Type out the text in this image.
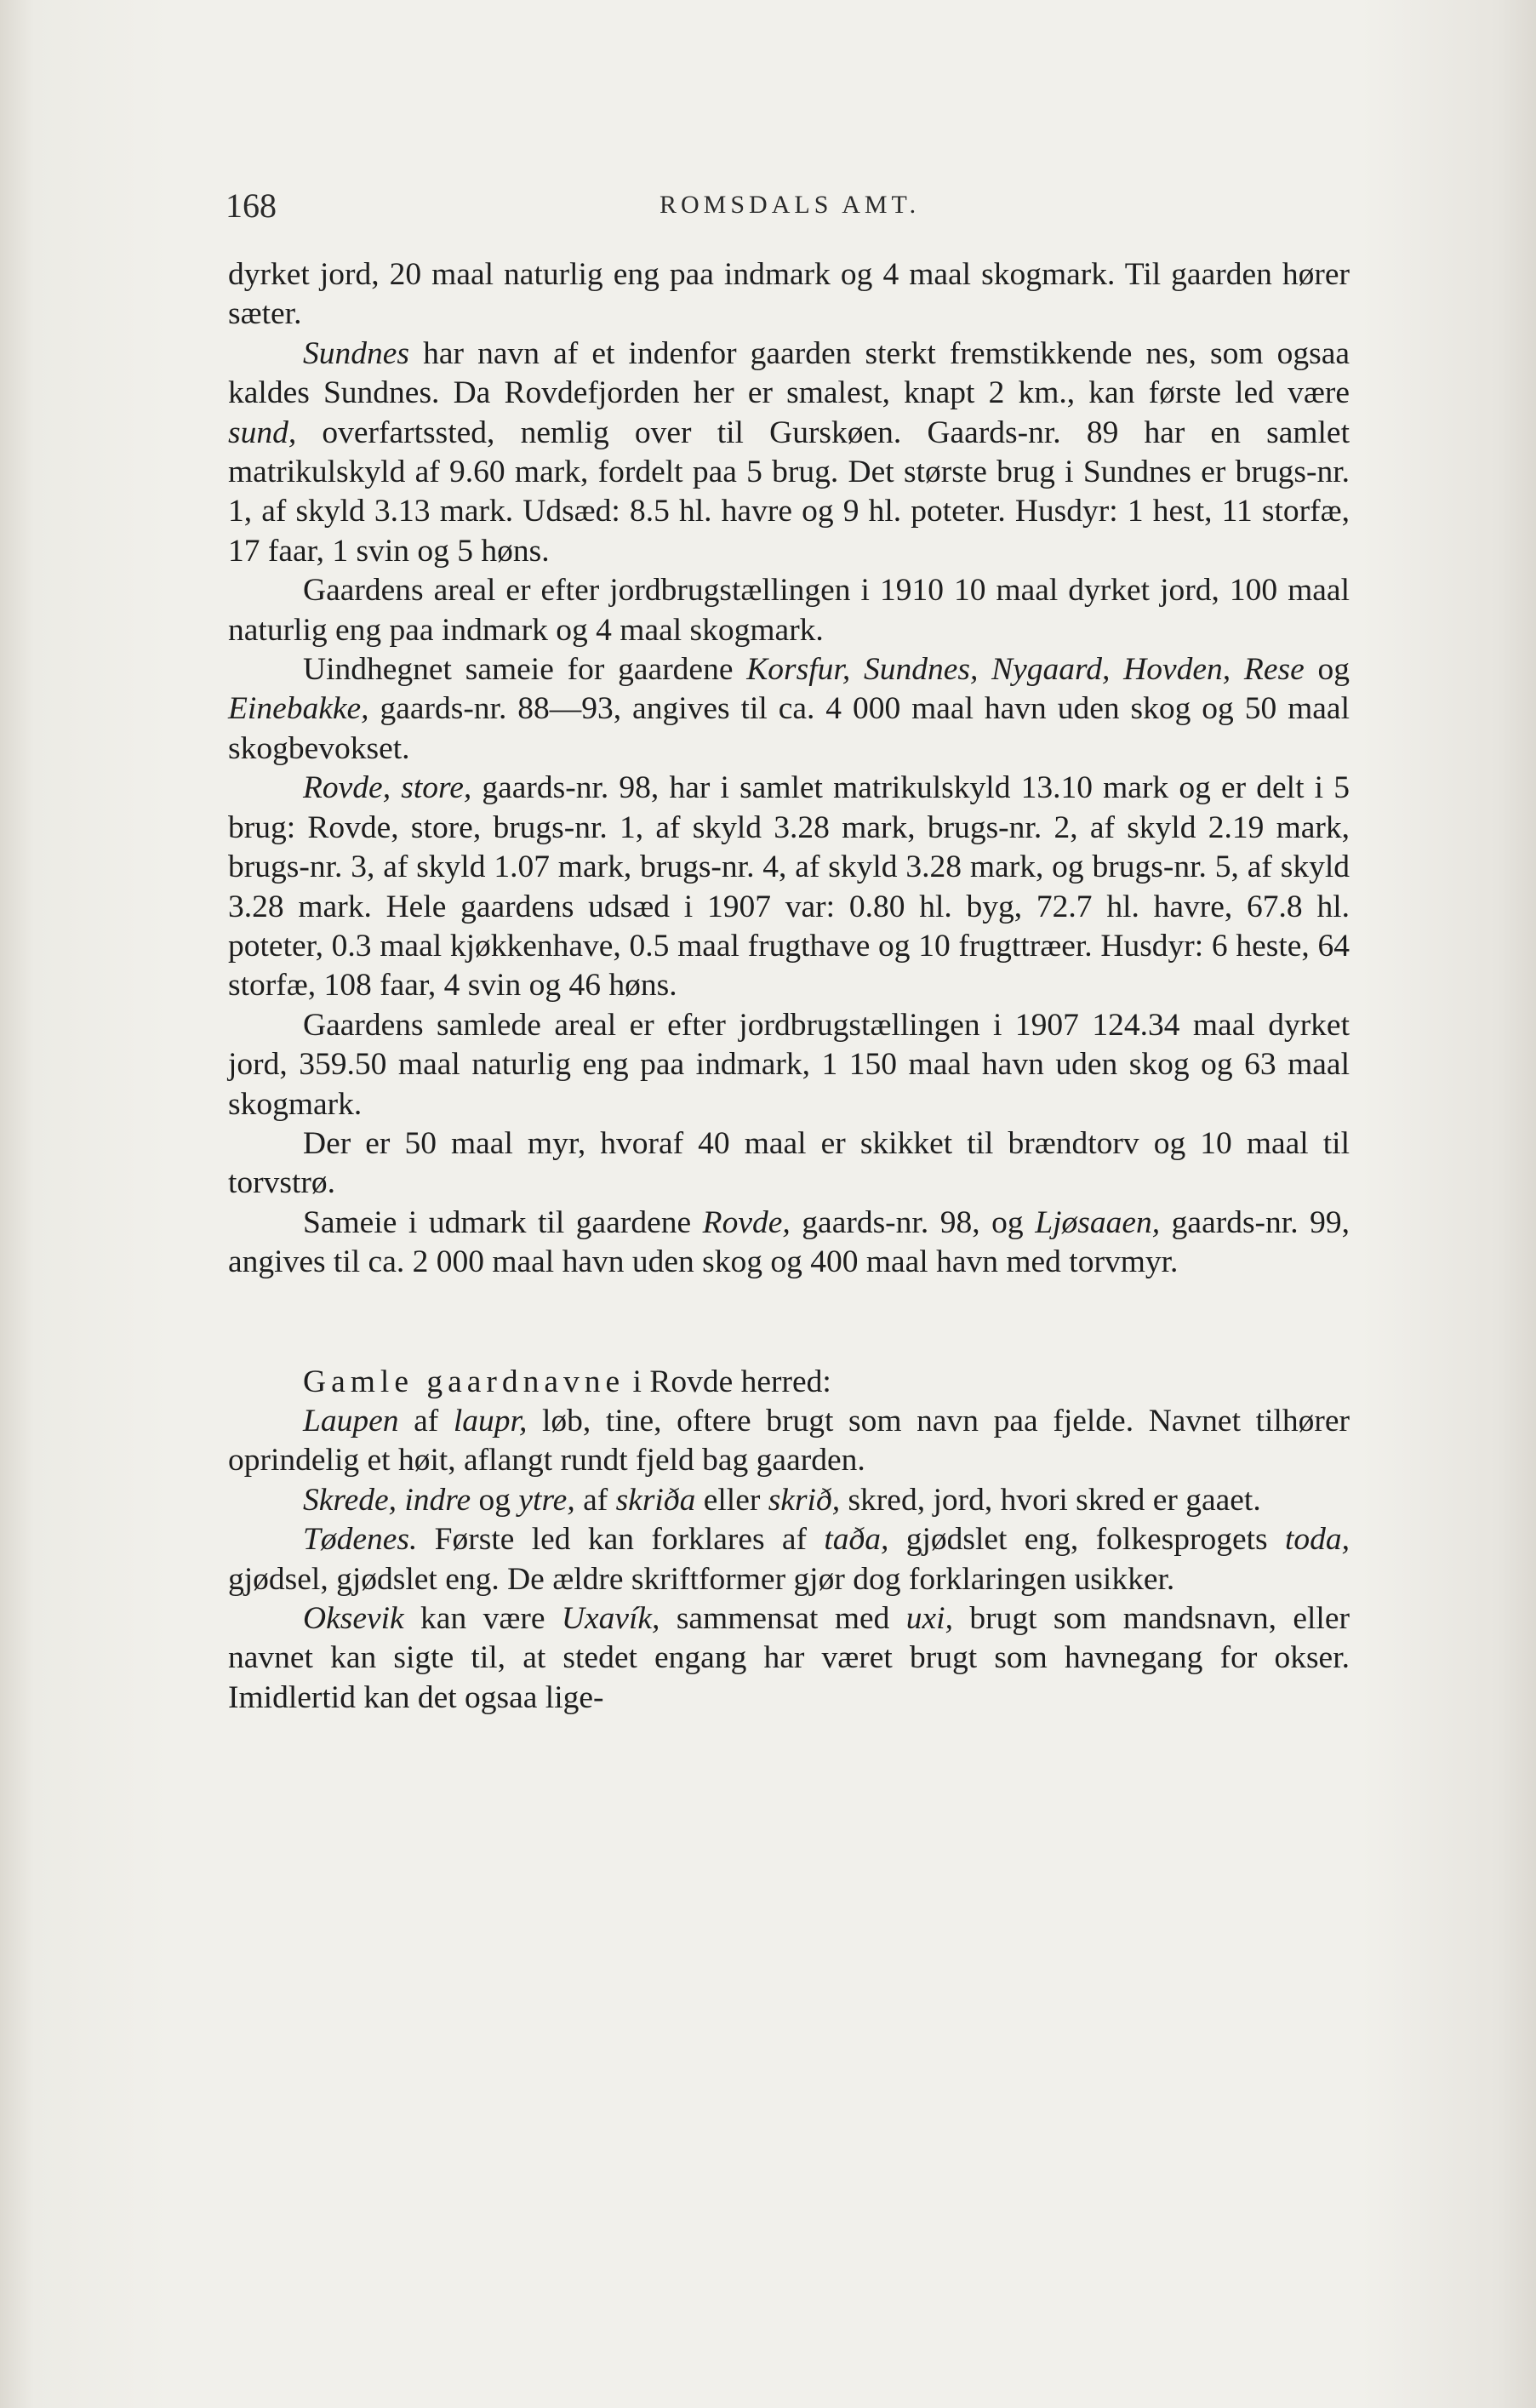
168	ROMSDALS AMT.

dyrket jord, 20 maal naturlig eng paa indmark og 4 maal skogmark. Til gaarden hører sæter.

Sundnes har navn af et indenfor gaarden sterkt fremstikkende nes, som ogsaa kaldes Sundnes. Da Rovdefjorden her er smalest, knapt 2 km., kan første led være sund, overfartssted, nemlig over til Gurskøen. Gaards-nr. 89 har en samlet matrikulskyld af 9.60 mark, fordelt paa 5 brug. Det største brug i Sundnes er brugs-nr. 1, af skyld 3.13 mark. Udsæd: 8.5 hl. havre og 9 hl. poteter. Husdyr: 1 hest, 11 storfæ, 17 faar, 1 svin og 5 høns.

Gaardens areal er efter jordbrugstællingen i 1910 10 maal dyrket jord, 100 maal naturlig eng paa indmark og 4 maal skogmark.

Uindhegnet sameie for gaardene Korsfur, Sundnes, Nygaard, Hovden, Rese og Einebakke, gaards-nr. 88—93, angives til ca. 4 000 maal havn uden skog og 50 maal skogbevokset.

Rovde, store, gaards-nr. 98, har i samlet matrikulskyld 13.10 mark og er delt i 5 brug: Rovde, store, brugs-nr. 1, af skyld 3.28 mark, brugs-nr. 2, af skyld 2.19 mark, brugs-nr. 3, af skyld 1.07 mark, brugs-nr. 4, af skyld 3.28 mark, og brugs-nr. 5, af skyld 3.28 mark. Hele gaardens udsæd i 1907 var: 0.80 hl. byg, 72.7 hl. havre, 67.8 hl. poteter, 0.3 maal kjøkkenhave, 0.5 maal frugthave og 10 frugttræer. Husdyr: 6 heste, 64 storfæ, 108 faar, 4 svin og 46 høns.

Gaardens samlede areal er efter jordbrugstællingen i 1907 124.34 maal dyrket jord, 359.50 maal naturlig eng paa indmark, 1 150 maal havn uden skog og 63 maal skogmark.

Der er 50 maal myr, hvoraf 40 maal er skikket til brændtorv og 10 maal til torvstrø.

Sameie i udmark til gaardene Rovde, gaards-nr. 98, og Ljøsaaen, gaards-nr. 99, angives til ca. 2 000 maal havn uden skog og 400 maal havn med torvmyr.

Gamle gaardnavne i Rovde herred:

Laupen af laupr, løb, tine, oftere brugt som navn paa fjelde. Navnet tilhører oprindelig et høit, aflangt rundt fjeld bag gaarden.

Skrede, indre og ytre, af skriða eller skrið, skred, jord, hvori skred er gaaet.

Tødenes. Første led kan forklares af taða, gjødslet eng, folkesprogets toda, gjødsel, gjødslet eng. De ældre skriftformer gjør dog forklaringen usikker.

Oksevik kan være Uxavík, sammensat med uxi, brugt som mandsnavn, eller navnet kan sigte til, at stedet engang har været brugt som havnegang for okser. Imidlertid kan det ogsaa lige-
